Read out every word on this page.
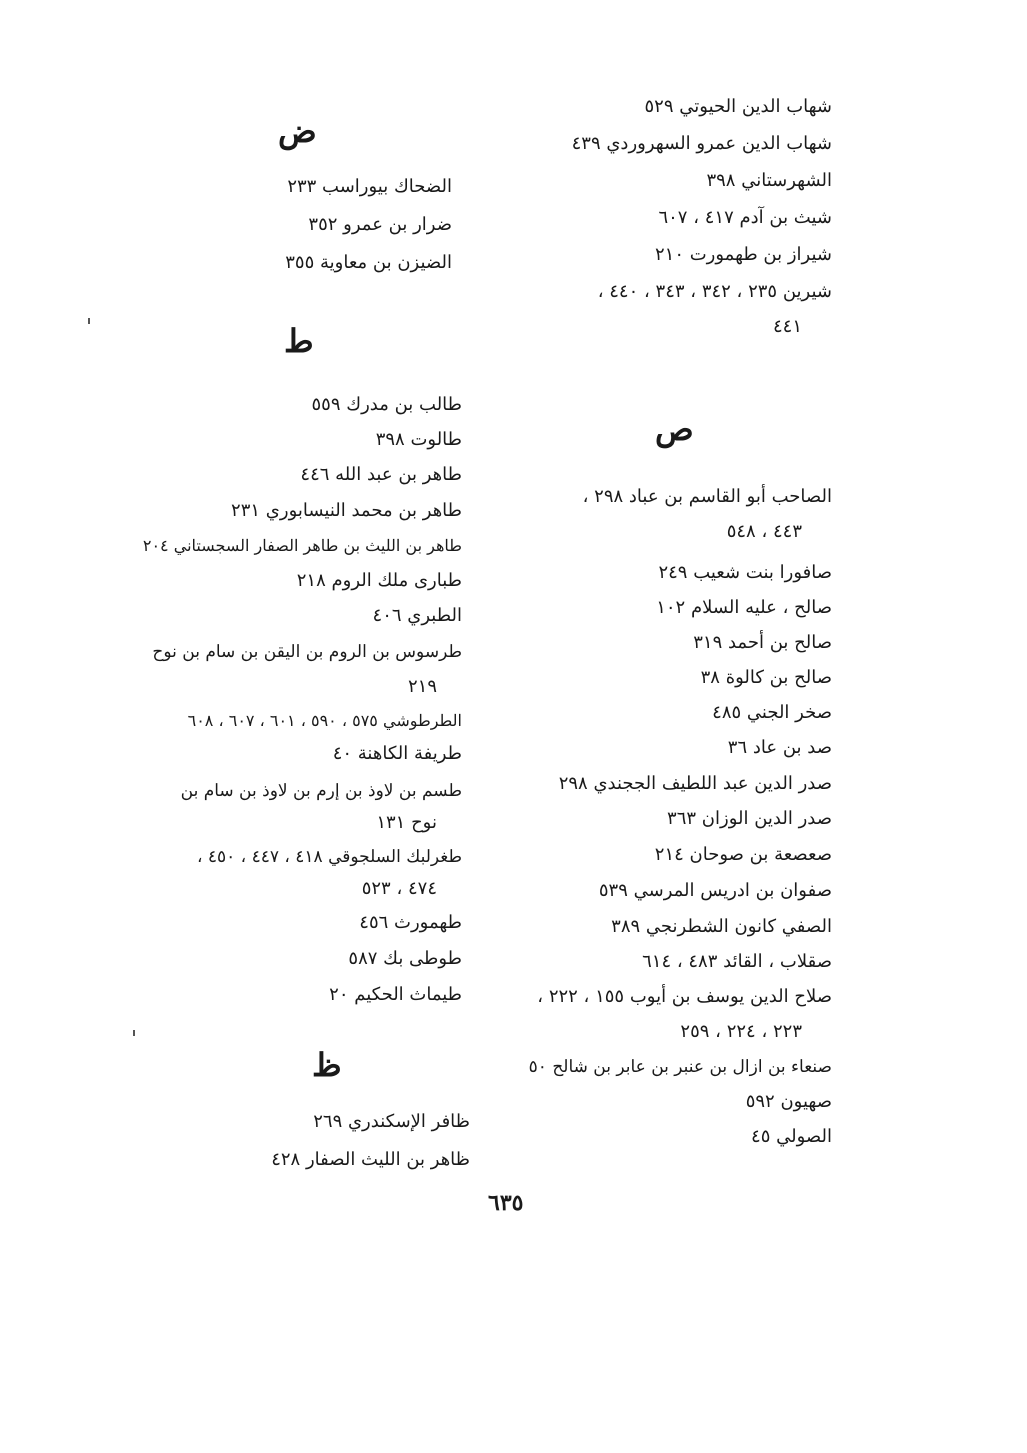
شهاب الدين الحيوتي ٥٢٩
شهاب الدين عمرو السهروردي ٤٣٩
الشهرستاني ٣٩٨
شيث بن آدم ٤١٧ ، ٦٠٧
شيراز بن طهمورت ٢١٠
شيرين ٢٣٥ ، ٣٤٢ ، ٣٤٣ ، ٤٤٠ ،
٤٤١
الصاحب أبو القاسم بن عباد ٢٩٨ ،
٤٤٣ ، ٥٤٨
صافورا بنت شعيب ٢٤٩
صالح ، عليه السلام ١٠٢
صالح بن أحمد ٣١٩
صالح بن كالوة ٣٨
صخر الجني ٤٨٥
صد بن عاد ٣٦
صدر الدين عبد اللطيف الججندي ٢٩٨
صدر الدين الوزان ٣٦٣
صعصعة بن صوحان ٢١٤
صفوان بن ادريس المرسي ٥٣٩
الصفي كانون الشطرنجي ٣٨٩
صقلاب ، القائد ٤٨٣ ، ٦١٤
صلاح الدين يوسف بن أيوب ١٥٥ ، ٢٢٢ ،
٢٢٣ ، ٢٢٤ ، ٢٥٩
صنعاء بن ازال بن عنبر بن عابر بن شالح ٥٠
صهيون ٥٩٢
الصولي ٤٥
ص
ض
الضحاك بيوراسب ٢٣٣
ضرار بن عمرو ٣٥٢
الضيزن بن معاوية ٣٥٥
طالب بن مدرك ٥٥٩
طالوت ٣٩٨
طاهر بن عبد الله ٤٤٦
طاهر بن محمد النيسابوري ٢٣١
طاهر بن الليث بن طاهر الصفار السجستاني ٢٠٤
طبارى ملك الروم ٢١٨
الطبري ٤٠٦
طرسوس بن الروم بن اليقن بن سام بن نوح
٢١٩
الطرطوشي ٥٧٥ ، ٥٩٠ ، ٦٠١ ، ٦٠٧ ، ٦٠٨
طريفة الكاهنة ٤٠
طسم بن لاوذ بن إرم بن لاوذ بن سام بن
نوح ١٣١
طغرلبك السلجوقي ٤١٨ ، ٤٤٧ ، ٤٥٠ ،
٤٧٤ ، ٥٢٣
طهمورث ٤٥٦
طوطى بك ٥٨٧
طيماث الحكيم ٢٠
ظافر الإسكندري ٢٦٩
ظاهر بن الليث الصفار ٤٢٨
ط
ظ
٦٣٥
